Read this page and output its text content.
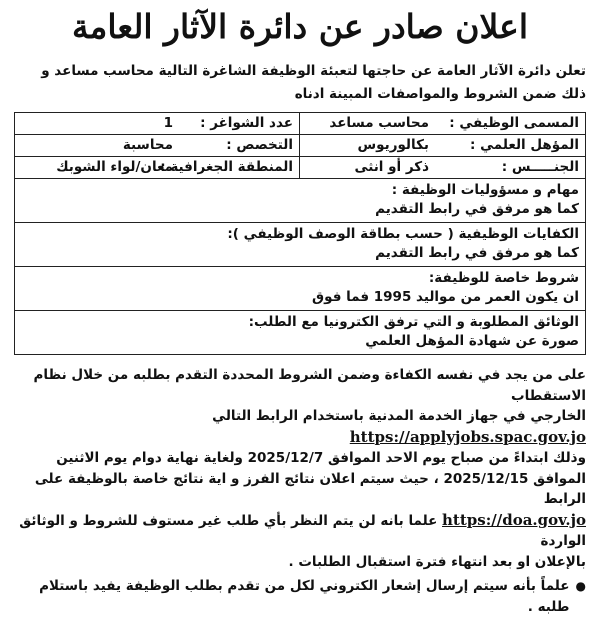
اعلان صادر عن دائرة الآثار العامة

تعلن دائرة الآثار العامة عن حاجتها لتعبئة الوظيفة الشاغرة التالية محاسب مساعد و ذلك ضمن الشروط والمواصفات المبينة ادناه

المسمى الوظيفي :
محاسب مساعد
عدد الشواغر :
1
المؤهل العلمي :
بكالوريوس
التخصص :
محاسبة
الجنـــــس :
ذكر أو انثى
المنطقة الجغرافية :
معان/لواء الشوبك
مهام و مسؤوليات الوظيفة :
كما هو مرفق في رابط التقديم
الكفايات الوظيفية ( حسب بطاقة الوصف الوظيفي ):
كما هو مرفق في رابط التقديم
شروط خاصة للوظيفة:
ان يكون العمر من مواليد 1995 فما فوق
الوثائق المطلوبة و التي ترفق الكترونيا مع الطلب:
صورة عن شهادة المؤهل العلمي

على من يجد في نفسه الكفاءة وضمن الشروط المحددة التقدم بطلبه من خلال نظام الاستقطاب

الخارجي في جهاز الخدمة المدنية باستخدام الرابط التالي https://applyjobs.spac.gov.jo

وذلك ابتداءً من صباح يوم الاحد الموافق 2025/12/7 ولغاية نهاية دوام يوم الاثنين

الموافق 2025/12/15 ، حيث سيتم اعلان نتائج الفرز و اية نتائج خاصة بالوظيفة على الرابط

https://doa.gov.jo علما بانه لن يتم النظر بأي طلب غير مستوف للشروط و الوثائق الواردة

بالإعلان او بعد انتهاء فترة استقبال الطلبات .

●
علماً بأنه سيتم إرسال إشعار الكتروني لكل من تقدم بطلب الوظيفة يفيد باستلام طلبه .
